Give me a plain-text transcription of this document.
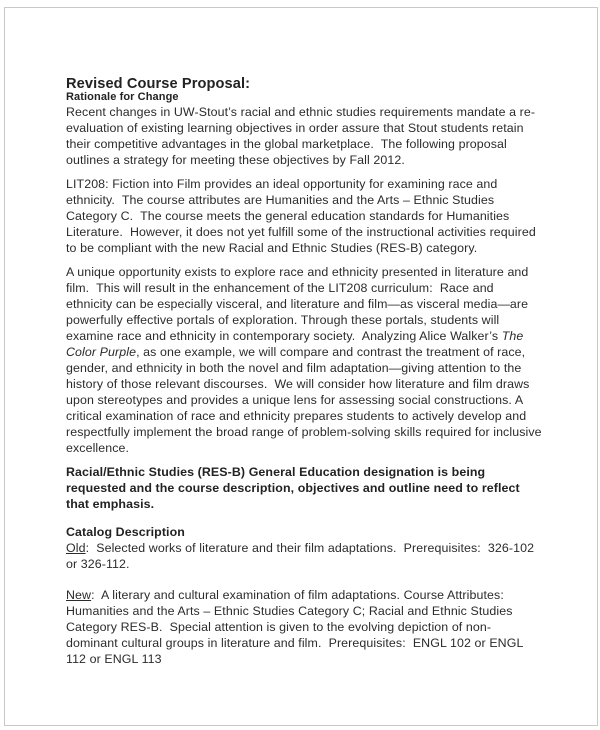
Revised Course Proposal:
Rationale for Change

Recent changes in UW-Stout’s racial and ethnic studies requirements mandate a re-evaluation of existing learning objectives in order assure that Stout students retain their competitive advantages in the global marketplace.  The following proposal outlines a strategy for meeting these objectives by Fall 2012.

LIT208: Fiction into Film provides an ideal opportunity for examining race and ethnicity.  The course attributes are Humanities and the Arts – Ethnic Studies Category C.  The course meets the general education standards for Humanities Literature.  However, it does not yet fulfill some of the instructional activities required to be compliant with the new Racial and Ethnic Studies (RES-B) category.

A unique opportunity exists to explore race and ethnicity presented in literature and film.  This will result in the enhancement of the LIT208 curriculum:  Race and ethnicity can be especially visceral, and literature and film—as visceral media—are powerfully effective portals of exploration. Through these portals, students will examine race and ethnicity in contemporary society.  Analyzing Alice Walker’s The Color Purple, as one example, we will compare and contrast the treatment of race, gender, and ethnicity in both the novel and film adaptation—giving attention to the history of those relevant discourses.  We will consider how literature and film draws upon stereotypes and provides a unique lens for assessing social constructions. A critical examination of race and ethnicity prepares students to actively develop and respectfully implement the broad range of problem-solving skills required for inclusive excellence.

Racial/Ethnic Studies (RES-B) General Education designation is being requested and the course description, objectives and outline need to reflect that emphasis.

Catalog Description

Old:  Selected works of literature and their film adaptations.  Prerequisites:  326-102 or 326-112.

New:  A literary and cultural examination of film adaptations. Course Attributes: Humanities and the Arts – Ethnic Studies Category C; Racial and Ethnic Studies Category RES-B.  Special attention is given to the evolving depiction of non-dominant cultural groups in literature and film.  Prerequisites:  ENGL 102 or ENGL 112 or ENGL 113
